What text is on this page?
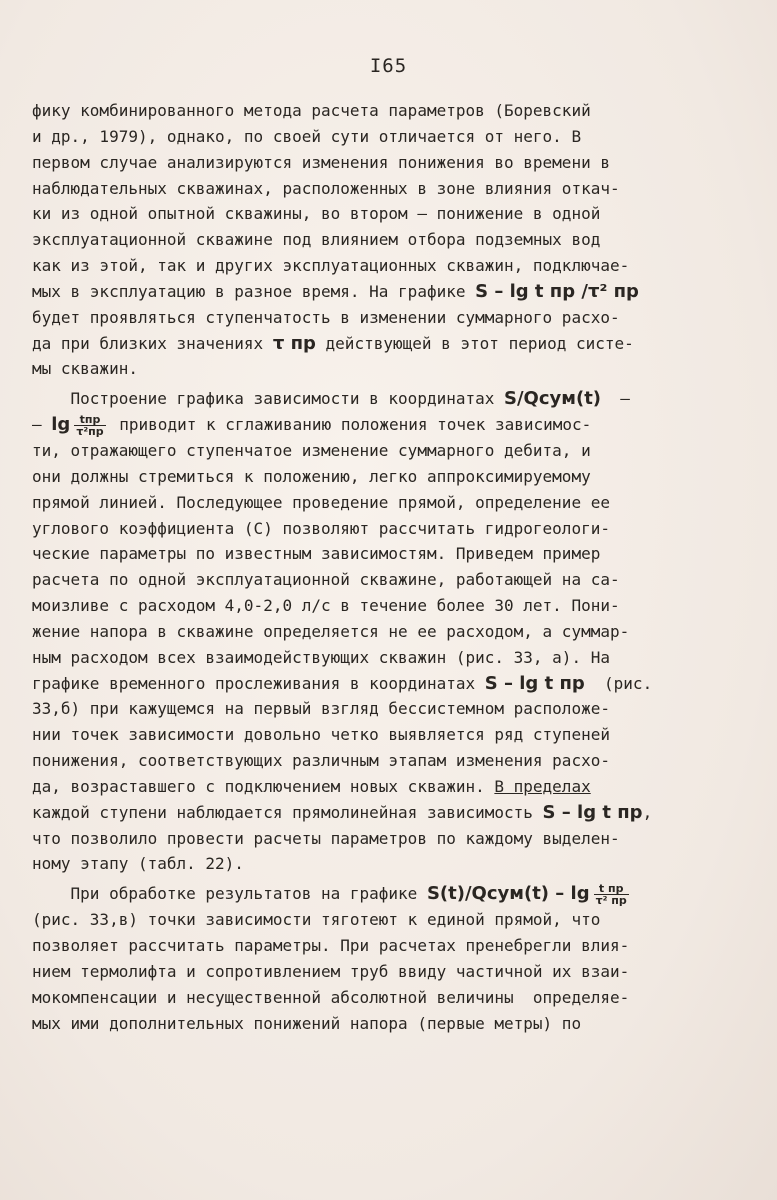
I65
фику комбинированного метода расчета параметров (Боревский
и др., 1979), однако, по своей сути отличается от него. В
первом случае анализируются изменения понижения во времени в
наблюдательных скважинах, расположенных в зоне влияния откач-
ки из одной опытной скважины, во втором – понижение в одной
эксплуатационной скважине под влиянием отбора подземных вод
как из этой, так и других эксплуатационных скважин, подключае-
мых в эксплуатацию в разное время. На графике S – lg t пр /τ² пр
будет проявляться ступенчатость в изменении суммарного расхо-
да при близких значениях τ пр действующей в этот период систе-
мы скважин.
Построение графика зависимости в координатах S/Qсум(t)  –
– $\lg \frac{\text{tпр}}{\text{τ²пр}}$ приводит к сглаживанию положения точек зависимос-
ти, отражающего ступенчатое изменение суммарного дебита, и
они должны стремиться к положению, легко аппроксимируемому
прямой линией. Последующее проведение прямой, определение ее
углового коэффициента (С) позволяют рассчитать гидрогеологи-
ческие параметры по известным зависимостям. Приведем пример
расчета по одной эксплуатационной скважине, работающей на са-
моизливе с расходом 4,0-2,0 л/с в течение более 30 лет. Пони-
жение напора в скважине определяется не ее расходом, а суммар-
ным расходом всех взаимодействующих скважин (рис. 33, а). На
графике временного прослеживания в координатах S – lg t пр  (рис.
33,б) при кажущемся на первый взгляд бессистемном расположе-
нии точек зависимости довольно четко выявляется ряд ступеней
понижения, соответствующих различным этапам изменения расхо-
да, возраставшего с подключением новых скважин. В пределах
каждой ступени наблюдается прямолинейная зависимость S – lg t пр,
что позволило провести расчеты параметров по каждому выделен-
ному этапу (табл. 22).
При обработке результатов на графике S(t)/Qсум(t) – $\lg \frac{\text{t пр}}{\text{τ² пр}}$
(рис. 33,в) точки зависимости тяготеют к единой прямой, что
позволяет рассчитать параметры. При расчетах пренебрегли влия-
нием термолифта и сопротивлением труб ввиду частичной их взаи-
мокомпенсации и несущественной абсолютной величины  определяе-
мых ими дополнительных понижений напора (первые метры) по
